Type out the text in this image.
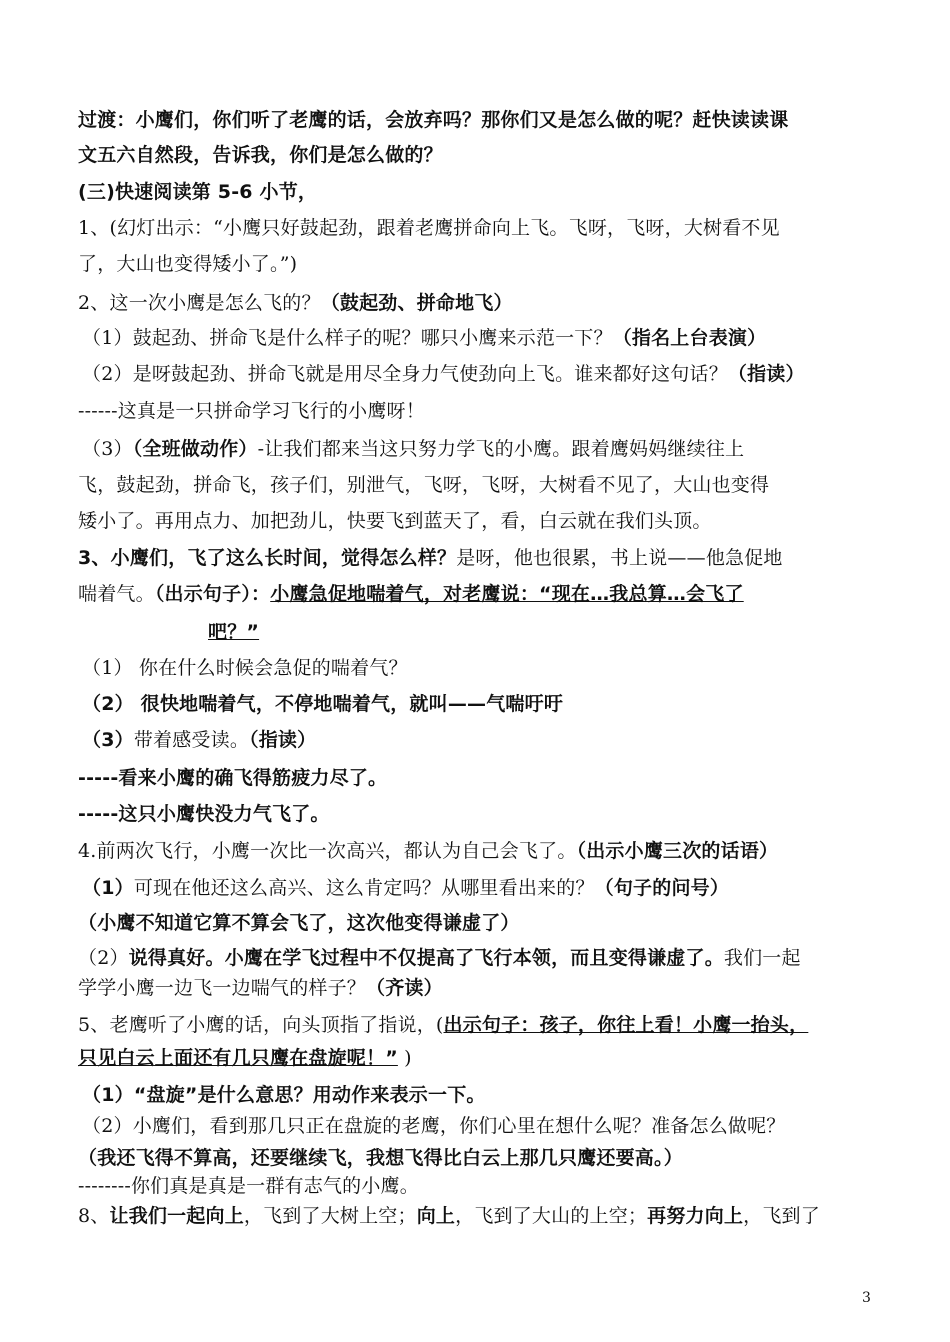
过渡：小鹰们，你们听了老鹰的话，会放弃吗？那你们又是怎么做的呢？赶快读读课
文五六自然段，告诉我，你们是怎么做的？
(三)快速阅读第 5-6 小节，
1、(幻灯出示：“小鹰只好鼓起劲，跟着老鹰拼命向上飞。飞呀，飞呀，大树看不见
了，大山也变得矮小了。”)
2、这一次小鹰是怎么飞的？（鼓起劲、拼命地飞）
（1）鼓起劲、拼命飞是什么样子的呢？哪只小鹰来示范一下？（指名上台表演）
（2）是呀鼓起劲、拼命飞就是用尽全身力气使劲向上飞。谁来都好这句话？（指读）
------这真是一只拼命学习飞行的小鹰呀！
（3）（全班做动作）-让我们都来当这只努力学飞的小鹰。跟着鹰妈妈继续往上
飞，鼓起劲，拼命飞，孩子们，别泄气，飞呀，飞呀，大树看不见了，大山也变得
矮小了。再用点力、加把劲儿，快要飞到蓝天了，看，白云就在我们头顶。
3、小鹰们，飞了这么长时间，觉得怎么样？是呀，他也很累，书上说——他急促地
喘着气。（出示句子）：小鹰急促地喘着气，对老鹰说：“现在…我总算…会飞了
吧？”
（1） 你在什么时候会急促的喘着气？
（2） 很快地喘着气，不停地喘着气，就叫——气喘吁吁
（3）带着感受读。（指读）
-----看来小鹰的确飞得筋疲力尽了。
-----这只小鹰快没力气飞了。
4.前两次飞行，小鹰一次比一次高兴，都认为自己会飞了。（出示小鹰三次的话语）
（1）可现在他还这么高兴、这么肯定吗？从哪里看出来的？（句子的问号）
（小鹰不知道它算不算会飞了，这次他变得谦虚了）
（2）说得真好。小鹰在学飞过程中不仅提高了飞行本领，而且变得谦虚了。我们一起
学学小鹰一边飞一边喘气的样子？（齐读）
5、老鹰听了小鹰的话，向头顶指了指说，(出示句子：孩子，你往上看！小鹰一抬头，
只见白云上面还有几只鹰在盘旋呢！” )
（1）“盘旋”是什么意思？用动作来表示一下。
（2）小鹰们，看到那几只正在盘旋的老鹰，你们心里在想什么呢？准备怎么做呢？
（我还飞得不算高，还要继续飞，我想飞得比白云上那几只鹰还要高。）
--------你们真是真是一群有志气的小鹰。
8、让我们一起向上，飞到了大树上空；向上，飞到了大山的上空；再努力向上，飞到了
3
